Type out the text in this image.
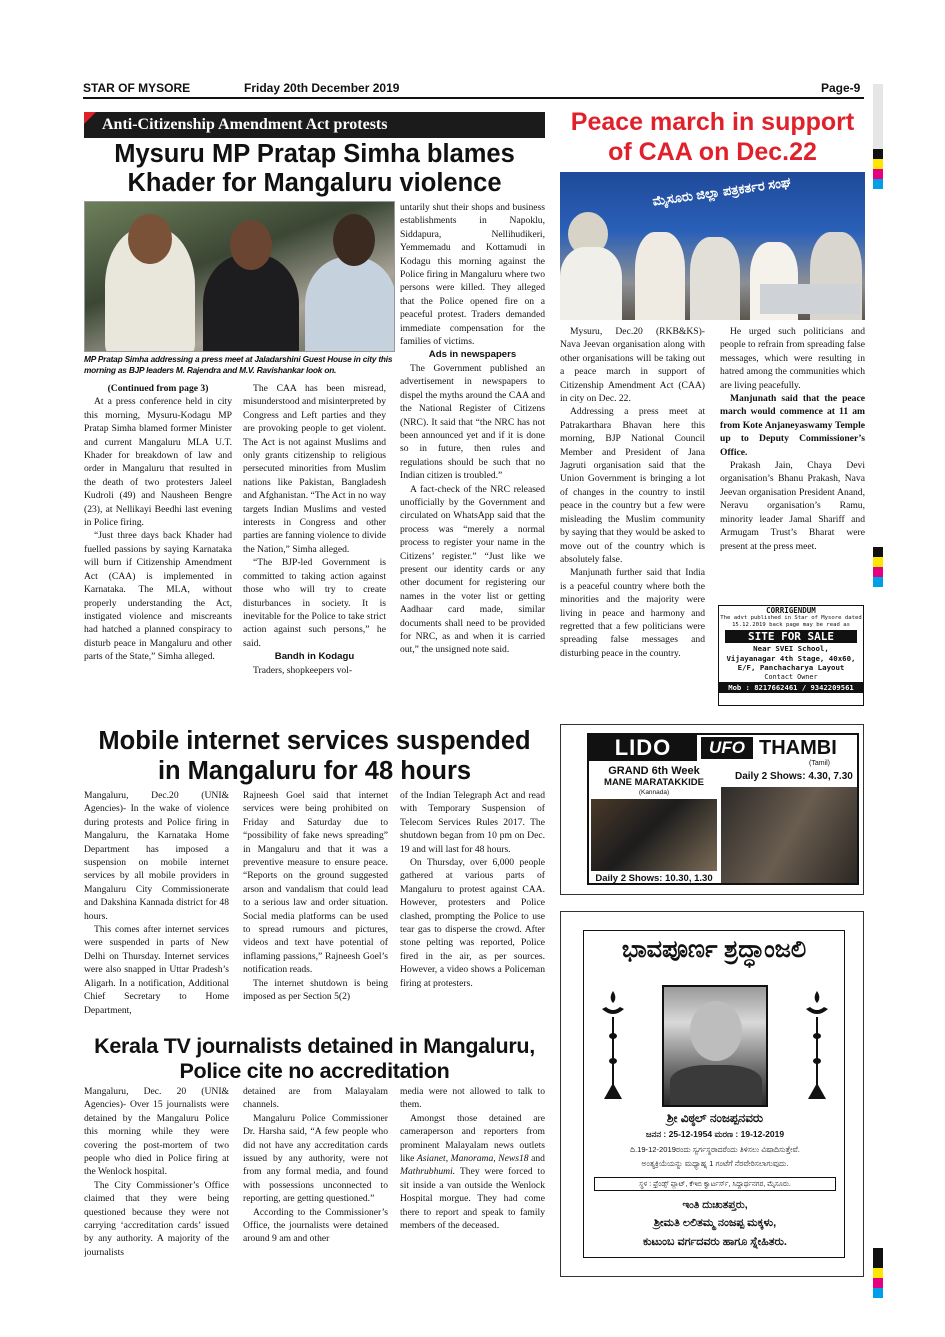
STAR OF MYSORE	Friday 20th December 2019	Page-9
Anti-Citizenship Amendment Act protests
Mysuru MP Pratap Simha blames
Khader for Mangaluru violence
MP Pratap Simha addressing a press meet at Jaladarshini Guest House in city this morning as BJP leaders M. Rajendra and M.V. Ravishankar look on.
(Continued from page 3)

At a press conference held in city this morning, Mysuru-Kodagu MP Pratap Simha blamed former Minister and current Mangaluru MLA U.T. Khader for breakdown of law and order in Mangaluru that resulted in the death of two protesters Jaleel Kudroli (49) and Nausheen Bengre (23), at Nellikayi Beedhi last evening in Police firing.

“Just three days back Khader had fuelled passions by saying Karnataka will burn if Citizenship Amendment Act (CAA) is implemented in Karnataka. The MLA, without properly understanding the Act, instigated violence and miscreants had hatched a planned conspiracy to disturb peace in Mangaluru and other parts of the State,” Simha alleged.

The CAA has been misread, misunderstood and misinterpreted by Congress and Left parties and they are provoking people to get violent. The Act is not against Muslims and only grants citizenship to religious persecuted minorities from Muslim nations like Pakistan, Bangladesh and Afghanistan. “The Act in no way targets Indian Muslims and vested interests in Congress and other parties are fanning violence to divide the Nation,” Simha alleged.

“The BJP-led Government is committed to taking action against those who will try to create disturbances in society. It is inevitable for the Police to take strict action against such persons,” he said.

Bandh in Kodagu

Traders, shopkeepers vol-

untarily shut their shops and business establishments in Napoklu, Siddapura, Nellihudikeri, Yemmemadu and Kottamudi in Kodagu this morning against the Police firing in Mangaluru where two persons were killed. They alleged that the Police opened fire on a peaceful protest. Traders demanded immediate compensation for the families of victims.

Ads in newspapers

The Government published an advertisement in newspapers to dispel the myths around the CAA and the National Register of Citizens (NRC). It said that “the NRC has not been announced yet and if it is done so in future, then rules and regulations should be such that no Indian citizen is troubled.”

A fact-check of the NRC released unofficially by the Government and circulated on WhatsApp said that the process was “merely a normal process to register your name in the Citizens’ register.” “Just like we present our identity cards or any other document for registering our names in the voter list or getting Aadhaar card made, similar documents shall need to be provided for NRC, as and when it is carried out,” the unsigned note said.

Peace march in support
of CAA on Dec.22
ಮೈಸೂರು ಜಿಲ್ಲಾ ಪತ್ರಕರ್ತರ ಸಂಘ

Mysuru, Dec.20 (RKB&KS)- Nava Jeevan organisation along with other organisations will be taking out a peace march in support of Citizenship Amendment Act (CAA) in city on Dec. 22.

Addressing a press meet at Patrakarthara Bhavan here this morning, BJP National Council Member and President of Jana Jagruti organisation said that the Union Government is bringing a lot of changes in the country to instil peace in the country but a few were misleading the Muslim community by saying that they would be asked to move out of the country which is absolutely false.

Manjunath further said that India is a peaceful country where both the minorities and the majority were living in peace and harmony and regretted that a few politicians were spreading false messages and disturbing peace in the country.

He urged such politicians and people to refrain from spreading false messages, which were resulting in hatred among the communities which are living peacefully.

Manjunath said that the peace march would commence at 11 am from Kote Anjaneyaswamy Temple up to Deputy Commissioner’s Office.

Prakash Jain, Chaya Devi organisation’s Bhanu Prakash, Nava Jeevan organisation President Anand, Neravu organisation’s Ramu, minority leader Jamal Shariff and Armugam Trust’s Bharat were present at the press meet.

CORRIGENDUM
The advt published in Star of Mysore dated
15.12.2019 back page may be read as
SITE FOR SALE
Near SVEI School,
Vijayanagar 4th Stage, 40x60,
E/F, Panchacharya Layout
Contact Owner
Mob : 8217662461 / 9342209561
Mobile internet services suspended
in Mangaluru for 48 hours

Mangaluru, Dec.20 (UNI& Agencies)- In the wake of violence during protests and Police firing in Mangaluru, the Karnataka Home Department has imposed a suspension on mobile internet services by all mobile providers in Mangaluru City Commissionerate and Dakshina Kannada district for 48 hours.

This comes after internet services were suspended in parts of New Delhi on Thursday. Internet services were also snapped in Uttar Pradesh’s Aligarh. In a notification, Additional Chief Secretary to Home Department,

Rajneesh Goel said that internet services were being prohibited on Friday and Saturday due to “possibility of fake news spreading” in Mangaluru and that it was a preventive measure to ensure peace. “Reports on the ground suggested arson and vandalism that could lead to a serious law and order situation. Social media platforms can be used to spread rumours and pictures, videos and text have potential of inflaming passions,” Rajneesh Goel’s notification reads.

The internet shutdown is being imposed as per Section 5(2)

of the Indian Telegraph Act and read with Temporary Suspension of Telecom Services Rules 2017. The shutdown began from 10 pm on Dec. 19 and will last for 48 hours.

On Thursday, over 6,000 people gathered at various parts of Mangaluru to protest against CAA. However, protesters and Police clashed, prompting the Police to use tear gas to disperse the crowd. After stone pelting was reported, Police fired in the air, as per sources. However, a video shows a Policeman firing at protesters.

LIDO	UFO THAMBI
(Tamil)
GRAND 6th Week
MANE MARATAKKIDE
(Kannada)
Daily 2 Shows: 4.30, 7.30
Daily 2 Shows: 10.30, 1.30
Kerala TV journalists detained in Mangaluru,
Police cite no accreditation

Mangaluru, Dec. 20 (UNI& Agencies)- Over 15 journalists were detained by the Mangaluru Police this morning while they were covering the post-mortem of two people who died in Police firing at the Wenlock hospital.

The City Commissioner’s Office claimed that they were being questioned because they were not carrying ‘accreditation cards’ issued by any authority. A majority of the journalists

detained are from Malayalam channels.

Mangaluru Police Commissioner Dr. Harsha said, “A few people who did not have any accreditation cards issued by any authority, were not from any formal media, and found with possessions unconnected to reporting, are getting questioned.”

According to the Commissioner’s Office, the journalists were detained around 9 am and other

media were not allowed to talk to them.

Amongst those detained are cameraperson and reporters from prominent Malayalam news outlets like Asianet, Manorama, News18 and Mathrubhumi. They were forced to sit inside a van outside the Wenlock Hospital morgue. They had come there to report and speak to family members of the deceased.

ಭಾವಪೂರ್ಣ ಶ್ರದ್ಧಾಂಜಲಿ
ಶ್ರೀ ವಿಠ್ಠಲ್ ನಂಜಪ್ಪನವರು
ಜನನ : 25-12-1954 ಮರಣ : 19-12-2019
ದಿ.19-12-2019ರಂದು ಸ್ವರ್ಗಸ್ಥರಾದರೆಂದು ತಿಳಿಸಲು ವಿಷಾದಿಸುತ್ತೇವೆ.
ಅಂತ್ಯಕ್ರಿಯೆಯನ್ನು ಮಧ್ಯಾಹ್ನ 1 ಗಂಟೆಗೆ ನೆರವೇರಿಸಲಾಗುವುದು.
ಸ್ಥಳ : ಫ್ರೆಂಡ್ಸ್‌ ಪ್ಲಾಟ್, ಕೆಇಬಿ ಕ್ವಾರ್ಟರ್ಸ್, ಸಿದ್ದಾರ್ಥನಗರ, ಮೈಸೂರು.
ಇಂತಿ ದುಃಖತಪ್ತರು,
ಶ್ರೀಮತಿ ಲಲಿತಮ್ಮ ನಂಜಪ್ಪ ಮಕ್ಕಳು,
ಕುಟುಂಬ ವರ್ಗದವರು ಹಾಗೂ ಸ್ನೇಹಿತರು.
